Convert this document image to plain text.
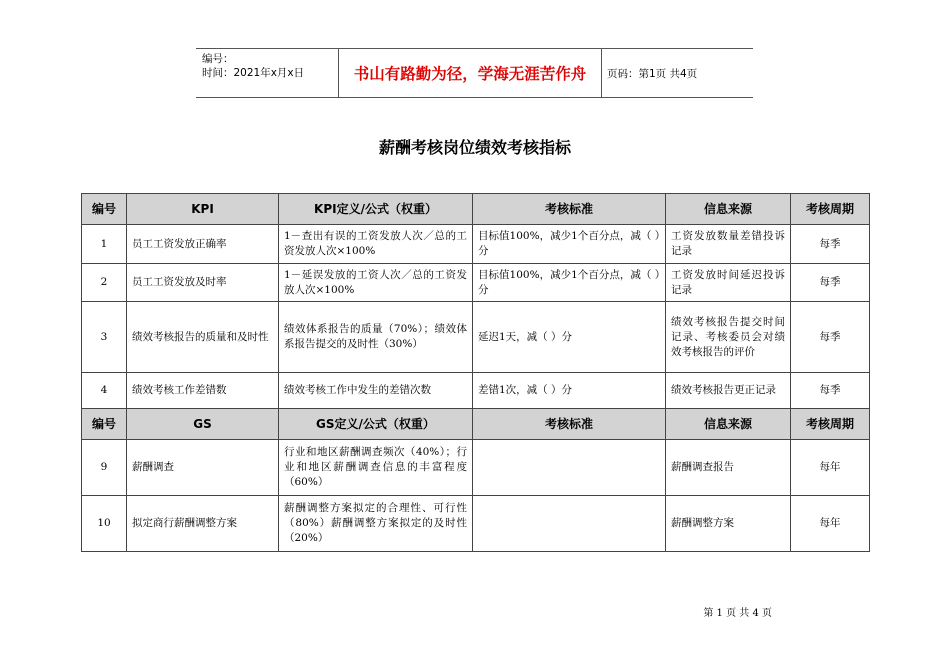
编号：
时间：2021年x月x日	书山有路勤为径，学海无涯苦作舟	页码：第1页 共4页
薪酬考核岗位绩效考核指标
编号	KPI	KPI定义/公式（权重）	考核标准	信息来源	考核周期
1	员工工资发放正确率	1－查出有误的工资发放人次／总的工资发放人次×100%	目标值100%，减少1个百分点，减（ ）分	工资发放数量差错投诉记录	每季
2	员工工资发放及时率	1－延误发放的工资人次／总的工资发放人次×100%	目标值100%，减少1个百分点，减（ ）分	工资发放时间延迟投诉记录	每季
3	绩效考核报告的质量和及时性	绩效体系报告的质量（70%）；绩效体系报告提交的及时性（30%）	延迟1天，减（ ）分	绩效考核报告提交时间记录、考核委员会对绩效考核报告的评价	每季
4	绩效考核工作差错数	绩效考核工作中发生的差错次数	差错1次，减（ ）分	绩效考核报告更正记录	每季
编号	GS	GS定义/公式（权重）	考核标准	信息来源	考核周期
9	薪酬调查	行业和地区薪酬调查频次（40%）；行业和地区薪酬调查信息的丰富程度（60%）		薪酬调查报告	每年
10	拟定商行薪酬调整方案	薪酬调整方案拟定的合理性、可行性（80%）薪酬调整方案拟定的及时性（20%）		薪酬调整方案	每年
第 1 页 共 4 页
